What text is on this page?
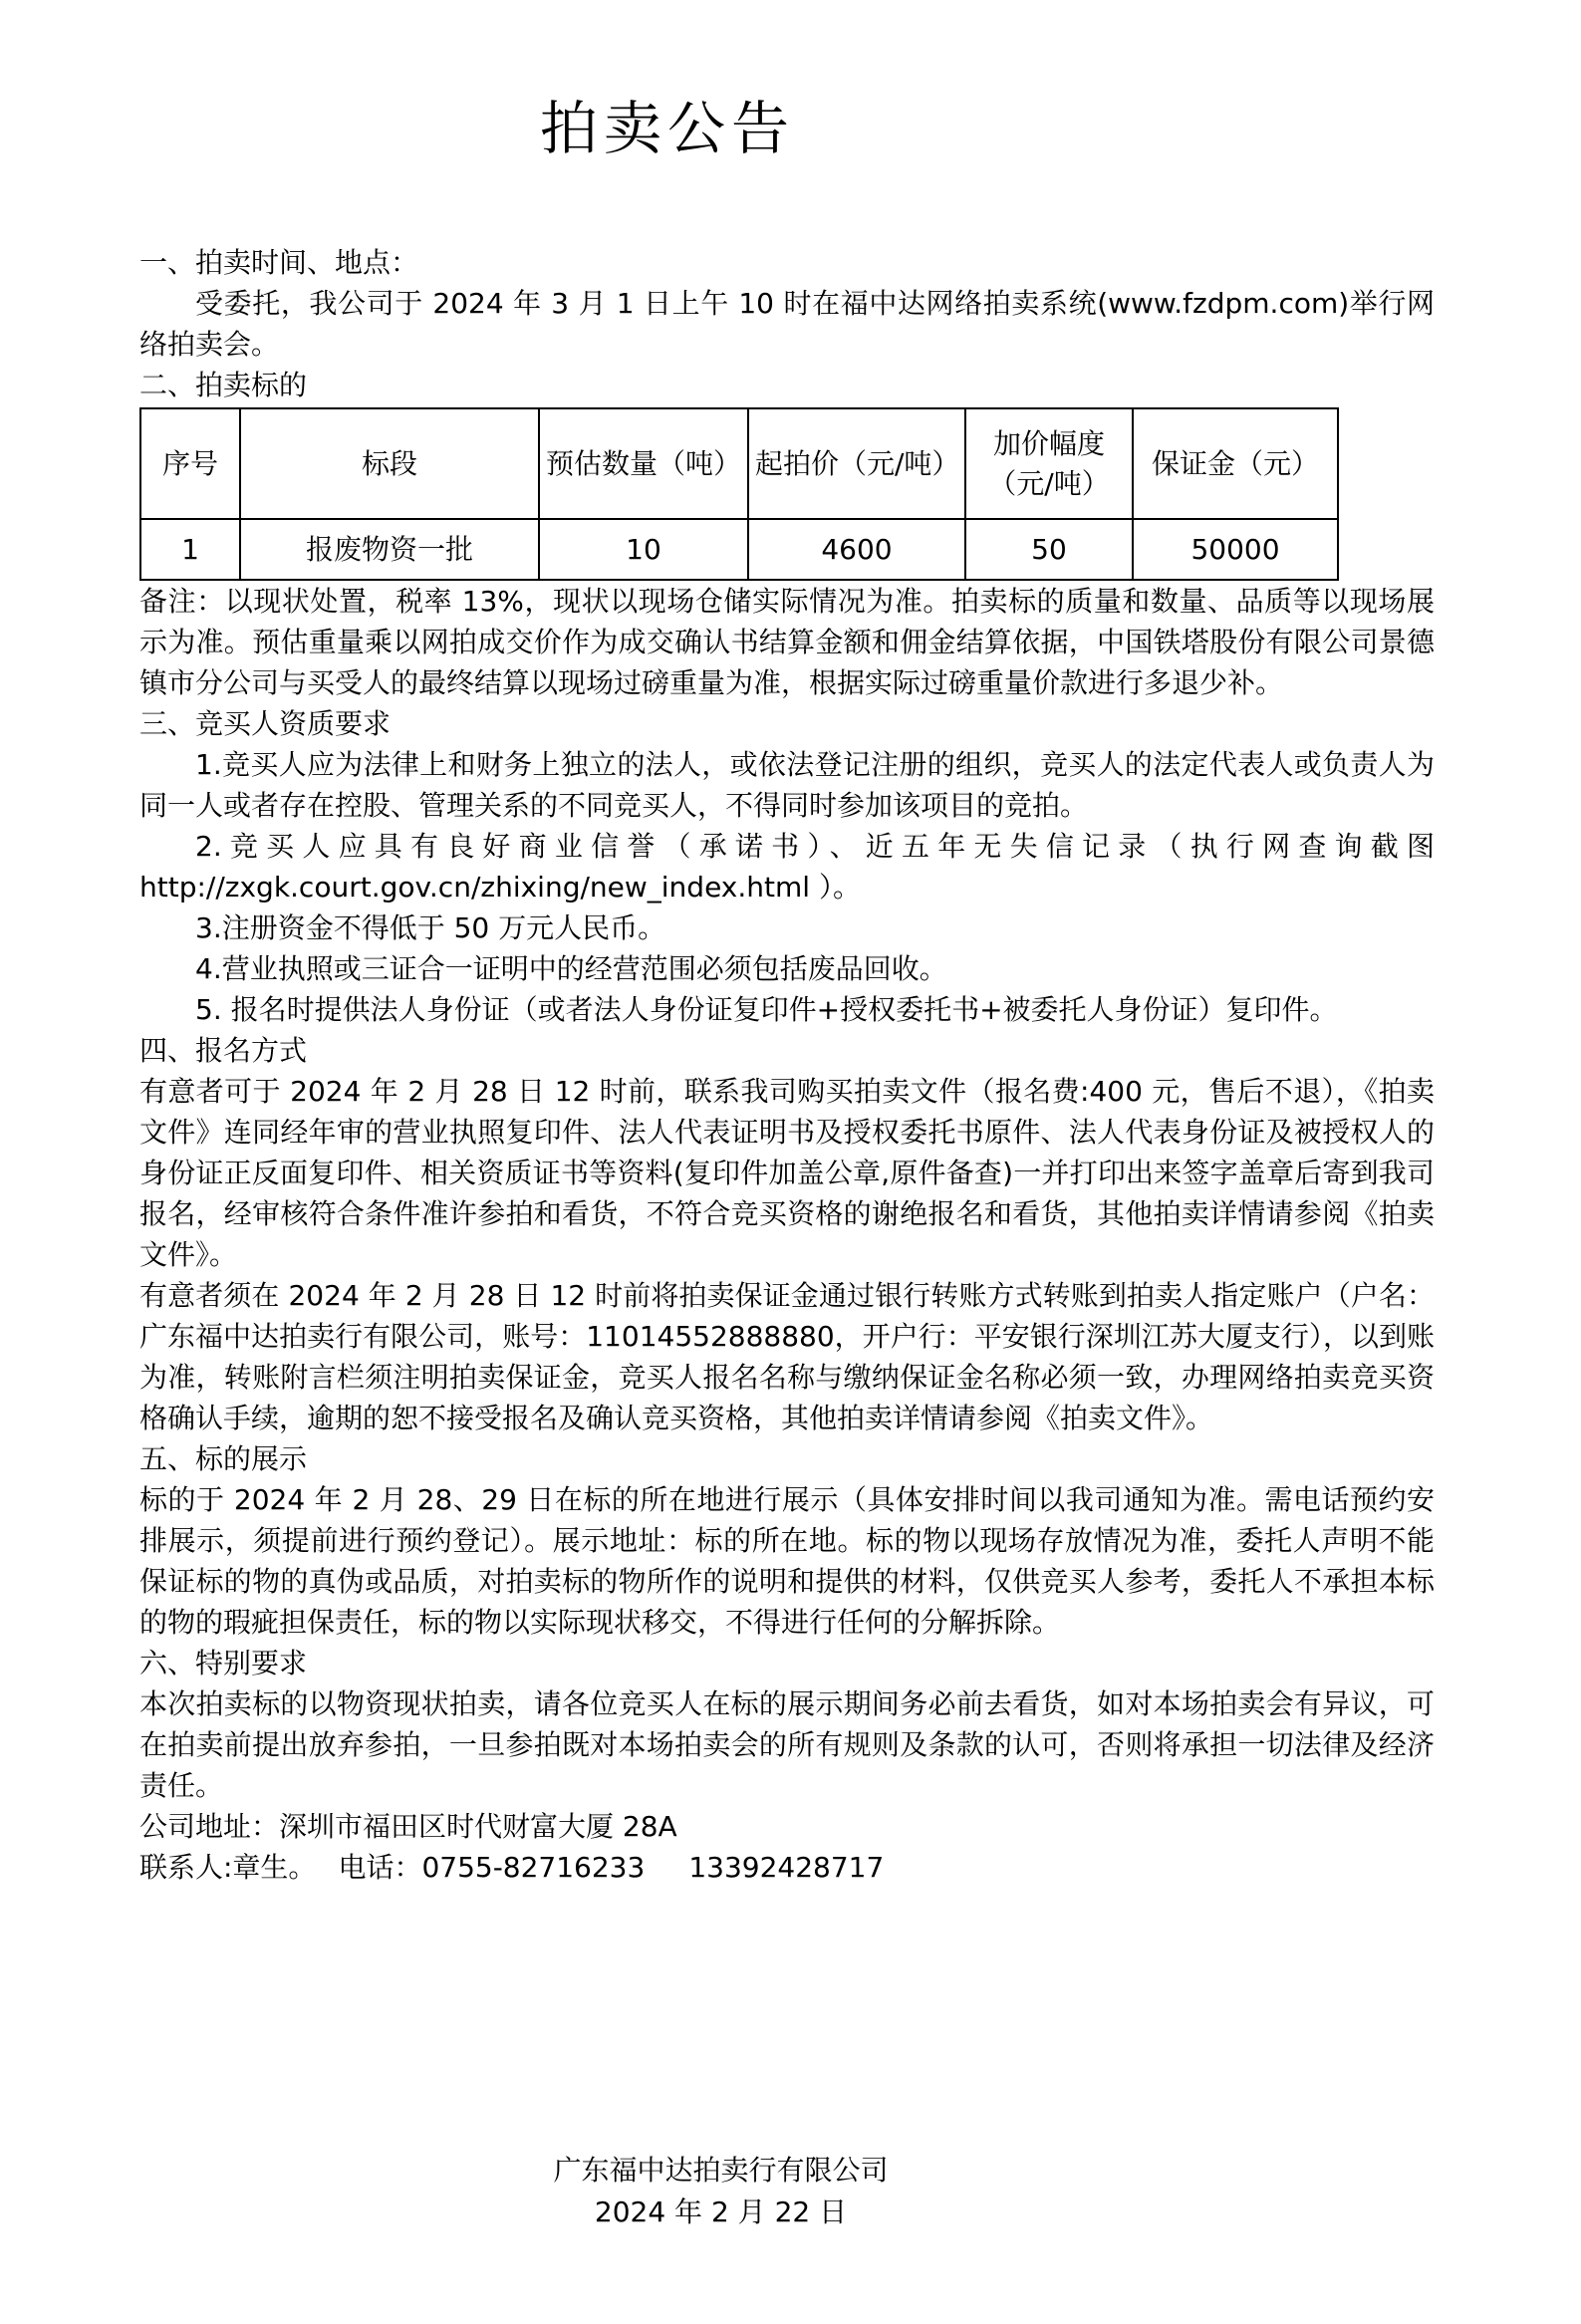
拍卖公告

一、拍卖时间、地点：

受委托，我公司于 2024 年 3 月 1 日上午 10 时在福中达网络拍卖系统(www.fzdpm.com)举行网络拍卖会。

二、拍卖标的

序号	标段	预估数量（吨）	起拍价（元/吨）	加价幅度（元/吨）	保证金（元）
1	报废物资一批	10	4600	50	50000

备注：以现状处置，税率 13%，现状以现场仓储实际情况为准。拍卖标的质量和数量、品质等以现场展示为准。预估重量乘以网拍成交价作为成交确认书结算金额和佣金结算依据，中国铁塔股份有限公司景德镇市分公司与买受人的最终结算以现场过磅重量为准，根据实际过磅重量价款进行多退少补。

三、竞买人资质要求

1.竞买人应为法律上和财务上独立的法人，或依法登记注册的组织，竞买人的法定代表人或负责人为同一人或者存在控股、管理关系的不同竞买人，不得同时参加该项目的竞拍。

2.竞买人应具有良好商业信誉（承诺书）、近五年无失信记录（执行网查询截图http://zxgk.court.gov.cn/zhixing/new_index.html ）。

3.注册资金不得低于 50 万元人民币。

4.营业执照或三证合一证明中的经营范围必须包括废品回收。

5. 报名时提供法人身份证（或者法人身份证复印件+授权委托书+被委托人身份证）复印件。

四、报名方式

有意者可于 2024 年 2 月 28 日 12 时前，联系我司购买拍卖文件（报名费:400 元，售后不退），《拍卖文件》连同经年审的营业执照复印件、法人代表证明书及授权委托书原件、法人代表身份证及被授权人的身份证正反面复印件、相关资质证书等资料(复印件加盖公章,原件备查)一并打印出来签字盖章后寄到我司报名，经审核符合条件准许参拍和看货，不符合竞买资格的谢绝报名和看货，其他拍卖详情请参阅《拍卖文件》。

有意者须在 2024 年 2 月 28 日 12 时前将拍卖保证金通过银行转账方式转账到拍卖人指定账户（户名：广东福中达拍卖行有限公司，账号：11014552888880，开户行：平安银行深圳江苏大厦支行），以到账为准，转账附言栏须注明拍卖保证金，竞买人报名名称与缴纳保证金名称必须一致，办理网络拍卖竞买资格确认手续，逾期的恕不接受报名及确认竞买资格，其他拍卖详情请参阅《拍卖文件》。

五、标的展示

标的于 2024 年 2 月 28、29 日在标的所在地进行展示（具体安排时间以我司通知为准。需电话预约安排展示，须提前进行预约登记）。展示地址：标的所在地。标的物以现场存放情况为准，委托人声明不能保证标的物的真伪或品质，对拍卖标的物所作的说明和提供的材料，仅供竞买人参考，委托人不承担本标的物的瑕疵担保责任，标的物以实际现状移交，不得进行任何的分解拆除。

六、特别要求

本次拍卖标的以物资现状拍卖，请各位竞买人在标的展示期间务必前去看货，如对本场拍卖会有异议，可在拍卖前提出放弃参拍，一旦参拍既对本场拍卖会的所有规则及条款的认可，否则将承担一切法律及经济责任。

公司地址：深圳市福田区时代财富大厦 28A

联系人:章生。 电话：0755-82716233 13392428717

广东福中达拍卖行有限公司
2024 年 2 月 22 日
